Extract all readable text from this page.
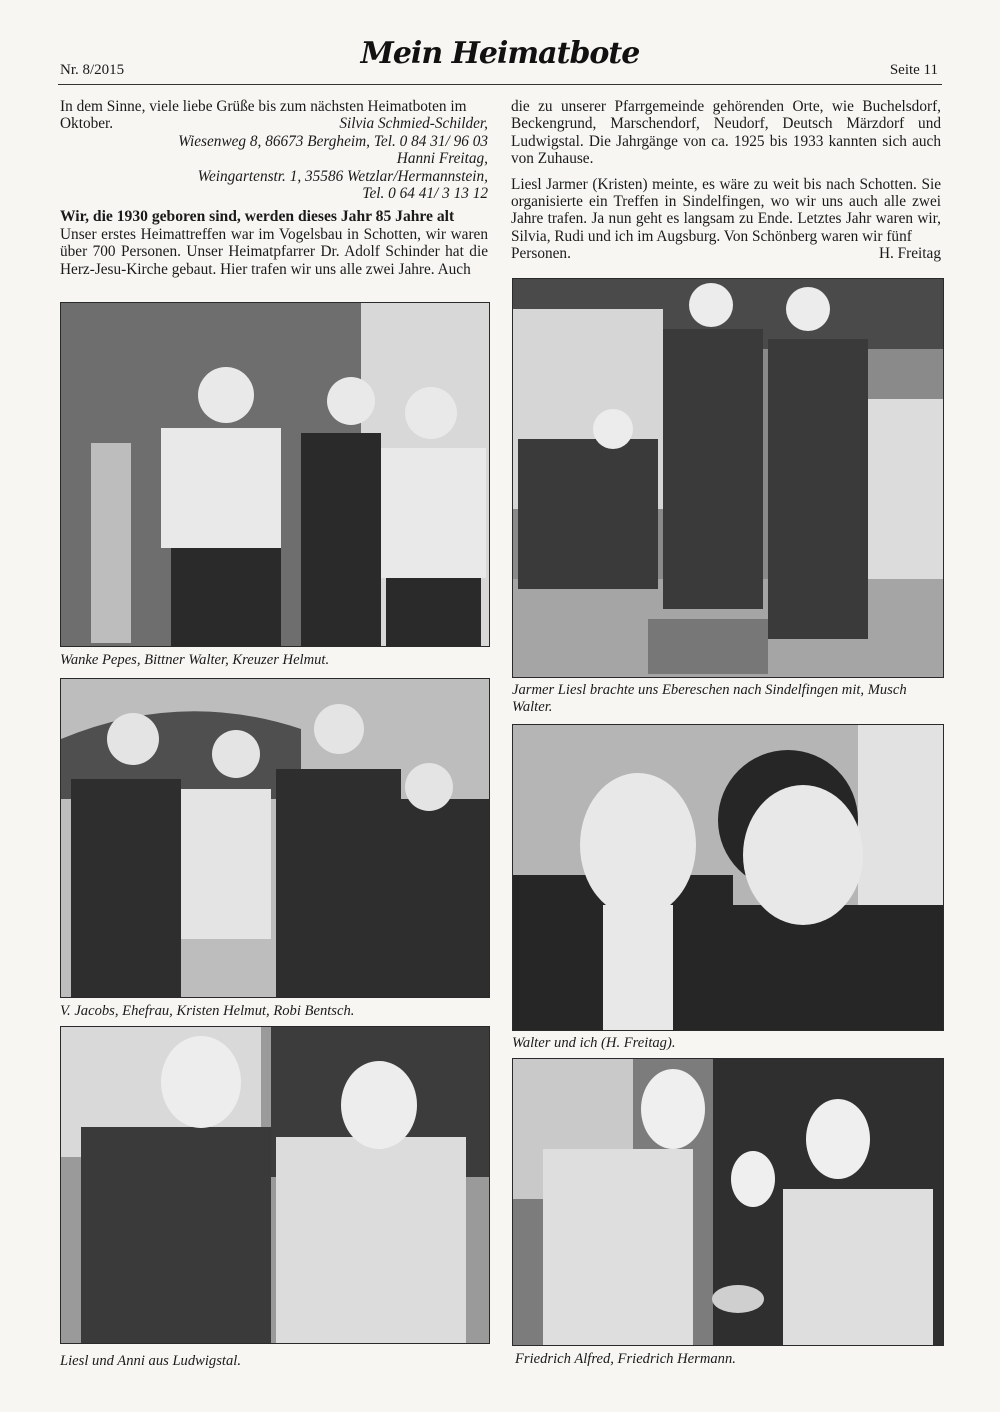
Nr. 8/2015	Mein Heimatbote	Seite 11

In dem Sinne, viele liebe Grüße bis zum nächsten Heimatboten im

Oktober.	Silvia Schmied-Schilder,

Wiesenweg 8, 86673 Bergheim, Tel. 0 84 31/ 96 03

Hanni Freitag,

Weingartenstr. 1, 35586 Wetzlar/Hermannstein,

Tel. 0 64 41/ 3 13 12

Wir, die 1930 geboren sind, werden dieses Jahr 85 Jahre alt

Unser erstes Heimattreffen war im Vogelsbau in Schotten, wir waren über 700 Personen. Unser Heimatpfarrer Dr. Adolf Schinder hat die Herz-Jesu-Kirche gebaut. Hier trafen wir uns alle zwei Jahre. Auch

die zu unserer Pfarrgemeinde gehörenden Orte, wie Buchelsdorf, Beckengrund, Marschendorf, Neudorf, Deutsch Märzdorf und Ludwigstal. Die Jahrgänge von ca. 1925 bis 1933 kannten sich auch von Zuhause.

Liesl Jarmer (Kristen) meinte, es wäre zu weit bis nach Schotten. Sie organisierte ein Treffen in Sindelfingen, wo wir uns auch alle zwei Jahre trafen. Ja nun geht es langsam zu Ende. Letztes Jahr waren wir, Silvia, Rudi und ich im Augsburg. Von Schönberg waren wir fünf

Personen.	H. Freitag
Wanke Pepes, Bittner Walter, Kreuzer Helmut.
Jarmer Liesl brachte uns Ebereschen nach Sindelfingen mit, Musch Walter.
V. Jacobs, Ehefrau, Kristen Helmut, Robi Bentsch.
Walter und ich (H. Freitag).
Liesl und Anni aus Ludwigstal.	Friedrich Alfred, Friedrich Hermann.
